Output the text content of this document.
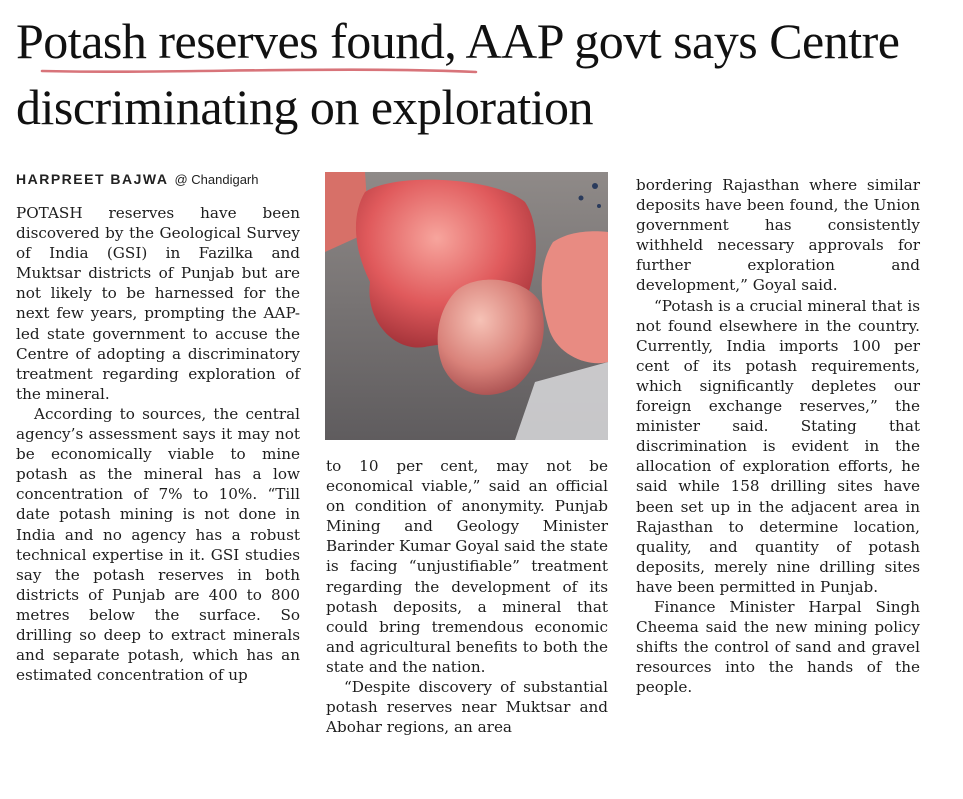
Potash reserves found, AAP govt says Centre discriminating on exploration
HARPREET BAJWA @ Chandigarh

POTASH reserves have been discovered by the Geological Survey of India (GSI) in Fazilka and Muktsar districts of Punjab but are not likely to be harnessed for the next few years, prompting the AAP-led state government to accuse the Centre of adopting a discriminatory treatment regarding exploration of the mineral.

According to sources, the central agency’s assessment says it may not be economically viable to mine potash as the mineral has a low concentration of 7% to 10%. “Till date potash mining is not done in India and no agency has a robust technical expertise in it. GSI studies say the potash reserves in both districts of Punjab are 400 to 800 metres below the surface. So drilling so deep to extract minerals and separate potash, which has an estimated concentration of up

to 10 per cent, may not be economical viable,” said an official on condition of anonymity. Punjab Mining and Geology Minister Barinder Kumar Goyal said the state is facing “unjustifiable” treatment regarding the development of its potash deposits, a mineral that could bring tremendous economic and agricultural benefits to both the state and the nation.

“Despite discovery of substantial potash reserves near Muktsar and Abohar regions, an area

bordering Rajasthan where similar deposits have been found, the Union government has consistently withheld necessary approvals for further exploration and development,” Goyal said.

“Potash is a crucial mineral that is not found elsewhere in the country. Currently, India imports 100 per cent of its potash requirements, which significantly depletes our foreign exchange reserves,” the minister said. Stating that discrimination is evident in the allocation of exploration efforts, he said while 158 drilling sites have been set up in the adjacent area in Rajasthan to determine location, quality, and quantity of potash deposits, merely nine drilling sites have been permitted in Punjab.

Finance Minister Harpal Singh Cheema said the new mining policy shifts the control of sand and gravel resources into the hands of the people.
